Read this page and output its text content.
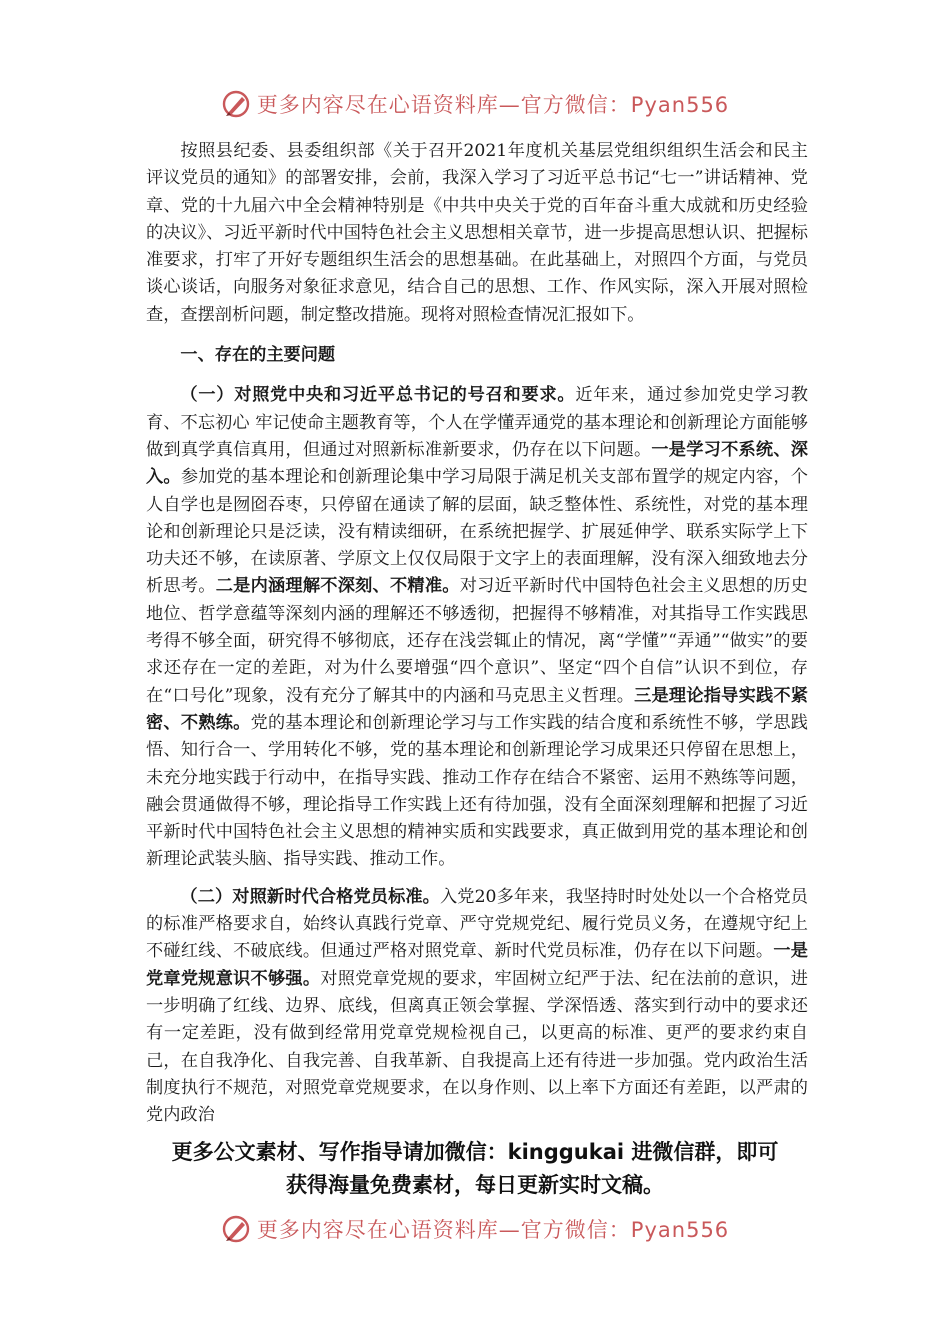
更多内容尽在心语资料库—官方微信：Pyan556

按照县纪委、县委组织部《关于召开2021年度机关基层党组织组织生活会和民主评议党员的通知》的部署安排，会前，我深入学习了习近平总书记“七一”讲话精神、党章、党的十九届六中全会精神特别是《中共中央关于党的百年奋斗重大成就和历史经验的决议》、习近平新时代中国特色社会主义思想相关章节，进一步提高思想认识、把握标准要求，打牢了开好专题组织生活会的思想基础。在此基础上，对照四个方面，与党员谈心谈话，向服务对象征求意见，结合自己的思想、工作、作风实际，深入开展对照检查，查摆剖析问题，制定整改措施。现将对照检查情况汇报如下。

一、存在的主要问题

（一）对照党中央和习近平总书记的号召和要求。近年来，通过参加党史学习教育、不忘初心 牢记使命主题教育等，个人在学懂弄通党的基本理论和创新理论方面能够做到真学真信真用，但通过对照新标准新要求，仍存在以下问题。一是学习不系统、深入。参加党的基本理论和创新理论集中学习局限于满足机关支部布置学的规定内容，个人自学也是囫囵吞枣，只停留在通读了解的层面，缺乏整体性、系统性，对党的基本理论和创新理论只是泛读，没有精读细研，在系统把握学、扩展延伸学、联系实际学上下功夫还不够，在读原著、学原文上仅仅局限于文字上的表面理解，没有深入细致地去分析思考。二是内涵理解不深刻、不精准。对习近平新时代中国特色社会主义思想的历史地位、哲学意蕴等深刻内涵的理解还不够透彻，把握得不够精准，对其指导工作实践思考得不够全面，研究得不够彻底，还存在浅尝辄止的情况，离“学懂”“弄通”“做实”的要求还存在一定的差距，对为什么要增强“四个意识”、坚定“四个自信”认识不到位，存在“口号化”现象，没有充分了解其中的内涵和马克思主义哲理。三是理论指导实践不紧密、不熟练。党的基本理论和创新理论学习与工作实践的结合度和系统性不够，学思践悟、知行合一、学用转化不够，党的基本理论和创新理论学习成果还只停留在思想上，未充分地实践于行动中，在指导实践、推动工作存在结合不紧密、运用不熟练等问题，融会贯通做得不够，理论指导工作实践上还有待加强，没有全面深刻理解和把握了习近平新时代中国特色社会主义思想的精神实质和实践要求，真正做到用党的基本理论和创新理论武装头脑、指导实践、推动工作。

（二）对照新时代合格党员标准。入党20多年来，我坚持时时处处以一个合格党员的标准严格要求自，始终认真践行党章、严守党规党纪、履行党员义务，在遵规守纪上不碰红线、不破底线。但通过严格对照党章、新时代党员标准，仍存在以下问题。一是党章党规意识不够强。对照党章党规的要求，牢固树立纪严于法、纪在法前的意识，进一步明确了红线、边界、底线，但离真正领会掌握、学深悟透、落实到行动中的要求还有一定差距，没有做到经常用党章党规检视自己，以更高的标准、更严的要求约束自己，在自我净化、自我完善、自我革新、自我提高上还有待进一步加强。党内政治生活制度执行不规范，对照党章党规要求，在以身作则、以上率下方面还有差距，以严肃的党内政治

更多公文素材、写作指导请加微信：kinggukai 进微信群，即可
获得海量免费素材，每日更新实时文稿。
更多内容尽在心语资料库—官方微信：Pyan556
